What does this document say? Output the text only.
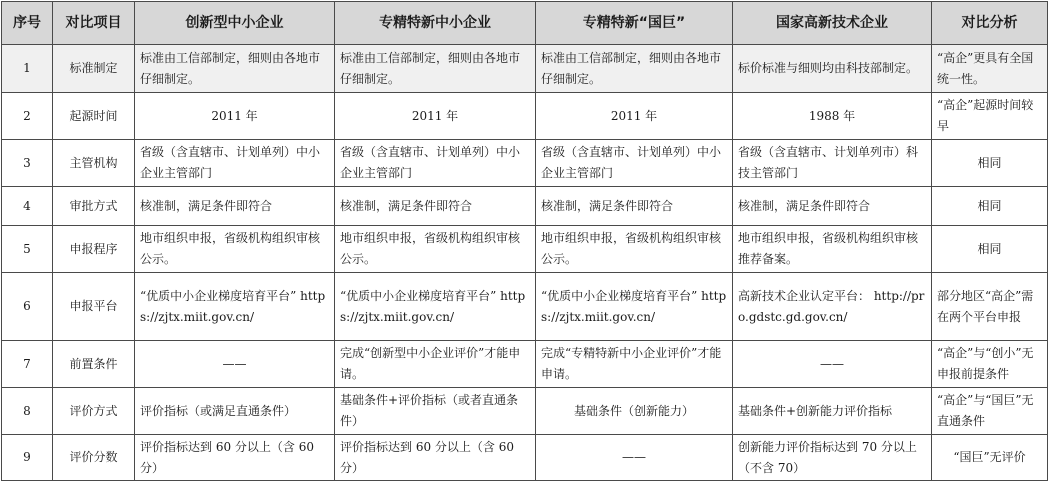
序号	对比项目	创新型中小企业	专精特新中小企业	专精特新“国巨”	国家高新技术企业	对比分析
1	标准制定	标准由工信部制定，细则由各地市仔细制定。	标准由工信部制定，细则由各地市仔细制定。	标准由工信部制定，细则由各地市仔细制定。	标价标准与细则均由科技部制定。	“高企”更具有全国统一性。
2	起源时间	2011 年	2011 年	2011 年	1988 年	“高企”起源时间较早
3	主管机构	省级（含直辖市、计划单列）中小企业主管部门	省级（含直辖市、计划单列）中小企业主管部门	省级（含直辖市、计划单列）中小企业主管部门	省级（含直辖市、计划单列市）科技主管部门	相同
4	审批方式	核准制，满足条件即符合	核准制，满足条件即符合	核准制，满足条件即符合	核准制，满足条件即符合	相同
5	申报程序	地市组织申报，省级机构组织审核公示。	地市组织申报，省级机构组织审核公示。	地市组织申报，省级机构组织审核公示。	地市组织申报，省级机构组织审核推荐备案。	相同
6	申报平台	“优质中小企业梯度培育平台” https://zjtx.miit.gov.cn/	“优质中小企业梯度培育平台” https://zjtx.miit.gov.cn/	“优质中小企业梯度培育平台” https://zjtx.miit.gov.cn/	高新技术企业认定平台： http://pro.gdstc.gd.gov.cn/	部分地区“高企”需在两个平台申报
7	前置条件	——	完成“创新型中小企业评价”才能申请。	完成“专精特新中小企业评价”才能申请。	——	“高企”与“创小”无申报前提条件
8	评价方式	评价指标（或满足直通条件）	基础条件+评价指标（或者直通条件）	基础条件（创新能力）	基础条件+创新能力评价指标	“高企”与“国巨”无直通条件
9	评价分数	评价指标达到 60 分以上（含 60 分）	评价指标达到 60 分以上（含 60 分）	——	创新能力评价指标达到 70 分以上（不含 70）	“国巨”无评价
